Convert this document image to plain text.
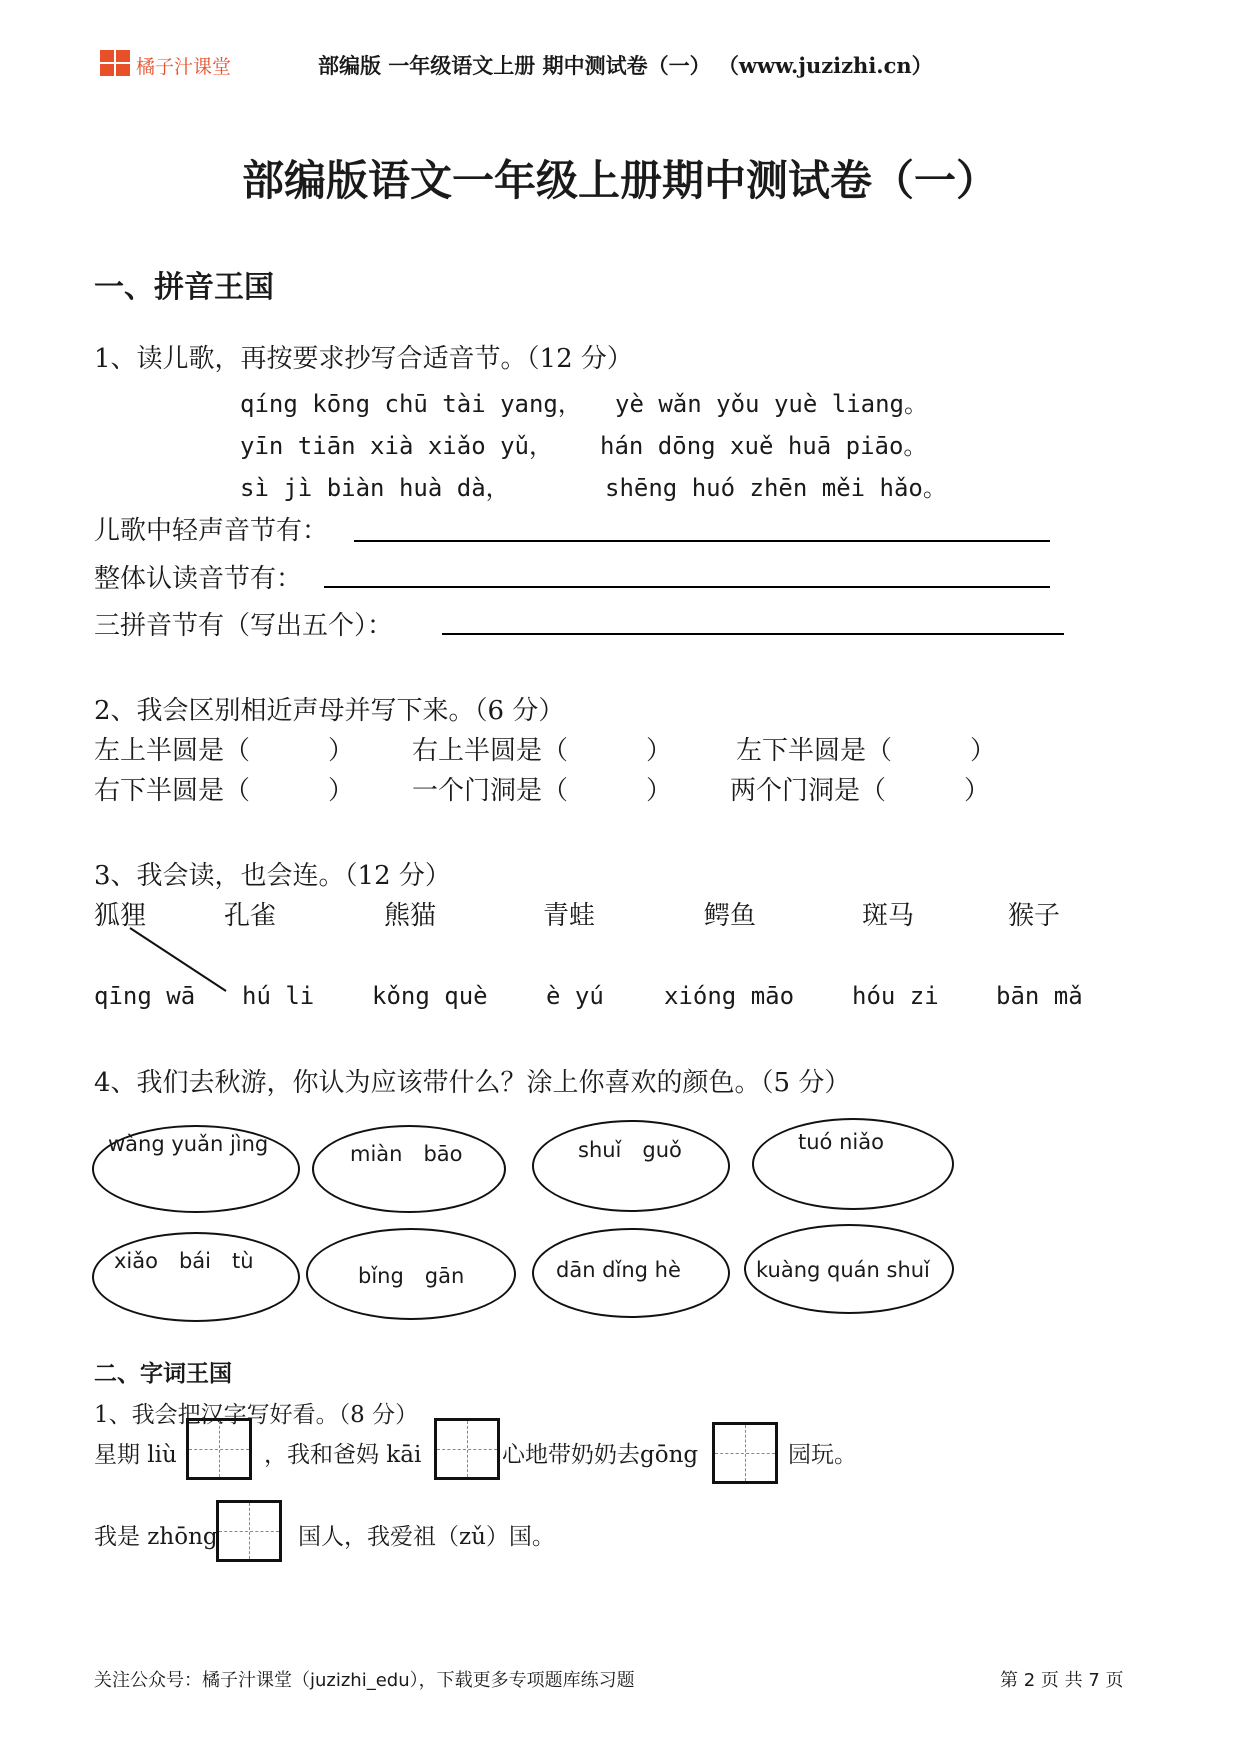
橘子汁课堂	部编版 一年级语文上册 期中测试卷（一） （www.juzizhi.cn）
部编版语文一年级上册期中测试卷（一）
一、拼音王国
1、读儿歌，再按要求抄写合适音节。（12 分）
qíng kōng chū tài yang， yè wǎn yǒu yuè liang。
yīn tiān xià xiǎo yǔ， hán dōng xuě huā piāo。
sì jì biàn huà dà，	shēng huó zhēn měi hǎo。
儿歌中轻声音节有：
整体认读音节有：
三拼音节有（写出五个）：
2、我会区别相近声母并写下来。（6 分）
左上半圆是（　　　） 右上半圆是（　　　） 左下半圆是（　　　）
右下半圆是（　　　） 一个门洞是（　　　） 两个门洞是（　　　）
3、我会读，也会连。（12 分）
狐狸	孔雀	熊猫	青蛙	鳄鱼	斑马	猴子
qīng wā hú li kǒng què è yú	xióng māo hóu zi bān mǎ
4、我们去秋游，你认为应该带什么？涂上你喜欢的颜色。（5 分）
wàng yuǎn jìng	miàn　bāo	shuǐ　guǒ	tuó niǎo
xiǎo　bái　tù
bǐng　gān	dān dǐng hè	kuàng quán shuǐ
二、字词王国
1、我会把汉字写好看。（8 分）
星期 liù	，我和爸妈 kāi	心地带奶奶去gōng	园玩。
我是 zhōng	国人，我爱祖（zǔ）国。
关注公众号：橘子汁课堂（juzizhi_edu），下载更多专项题库练习题	第 2 页 共 7 页
